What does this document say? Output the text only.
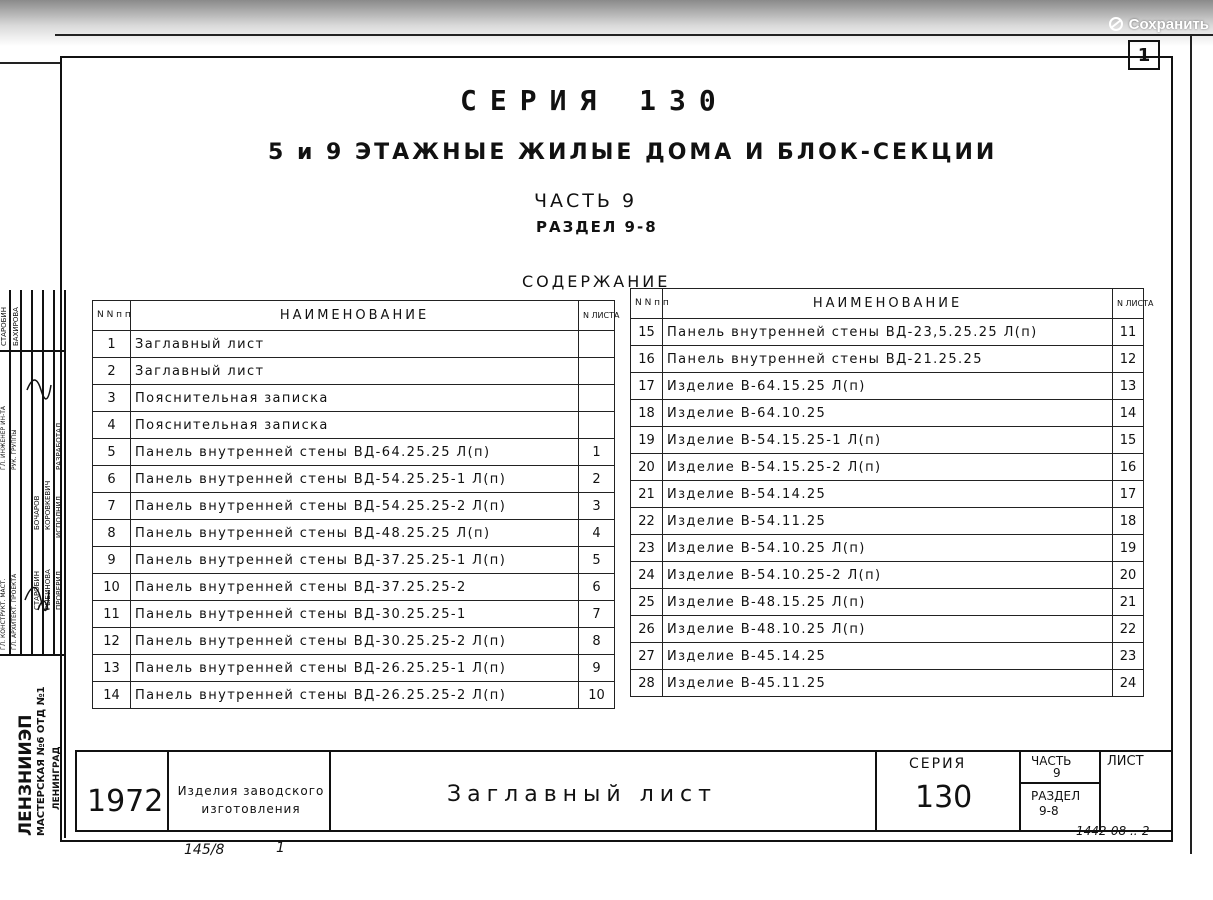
Сохранить
1
СЕРИЯ 130
5 и 9 ЭТАЖНЫЕ ЖИЛЫЕ ДОМА И БЛОК-СЕКЦИИ
ЧАСТЬ 9
РАЗДЕЛ 9-8
СОДЕРЖАНИЕ
N N п п	НАИМЕНОВАНИЕ	N ЛИСТА
1	Заглавный лист	
2	Заглавный лист	
3	Пояснительная записка	
4	Пояснительная записка	
5	Панель внутренней стены ВД-64.25.25 Л(п)	1
6	Панель внутренней стены ВД-54.25.25-1 Л(п)	2
7	Панель внутренней стены ВД-54.25.25-2 Л(п)	3
8	Панель внутренней стены ВД-48.25.25 Л(п)	4
9	Панель внутренней стены ВД-37.25.25-1 Л(п)	5
10	Панель внутренней стены ВД-37.25.25-2	6
11	Панель внутренней стены ВД-30.25.25-1	7
12	Панель внутренней стены ВД-30.25.25-2 Л(п)	8
13	Панель внутренней стены ВД-26.25.25-1 Л(п)	9
14	Панель внутренней стены ВД-26.25.25-2 Л(п)	10
N N п п	НАИМЕНОВАНИЕ	N ЛИСТА
15	Панель внутренней стены ВД-23,5.25.25 Л(п)	11
16	Панель внутренней стены ВД-21.25.25	12
17	Изделие В-64.15.25 Л(п)	13
18	Изделие В-64.10.25	14
19	Изделие В-54.15.25-1 Л(п)	15
20	Изделие В-54.15.25-2 Л(п)	16
21	Изделие В-54.14.25	17
22	Изделие В-54.11.25	18
23	Изделие В-54.10.25 Л(п)	19
24	Изделие В-54.10.25-2 Л(п)	20
25	Изделие В-48.15.25 Л(п)	21
26	Изделие В-48.10.25 Л(п)	22
27	Изделие В-45.14.25	23
28	Изделие В-45.11.25	24
ЛЕНЗНИИЭП МАСТЕРСКАЯ №6 ОТД №1 ЛЕНИНГРАД
СТАРОБИН БАХИРОВА
РАЗРАБОТАЛ
ИСПОЛНИЛ
ПРОВЕРИЛ
БОЧАРОВ КОРОВКЕВИЧ
СТАРОБИН РЫБИНОВА
ГЛ. ИНЖЕНЕР ИН-ТА РУК. ГРУППЫ
ГЛ. КОНСТРУКТ. МАСТ. ГЛ. АРХИТЕКТ. ПРОЕКТА
1972 Изделия заводского изготовления
Заглавный лист
СЕРИЯ
130
ЧАСТЬ
9
РАЗДЕЛ
9-8
ЛИСТ
1442-08 ..-2
145/8	1
